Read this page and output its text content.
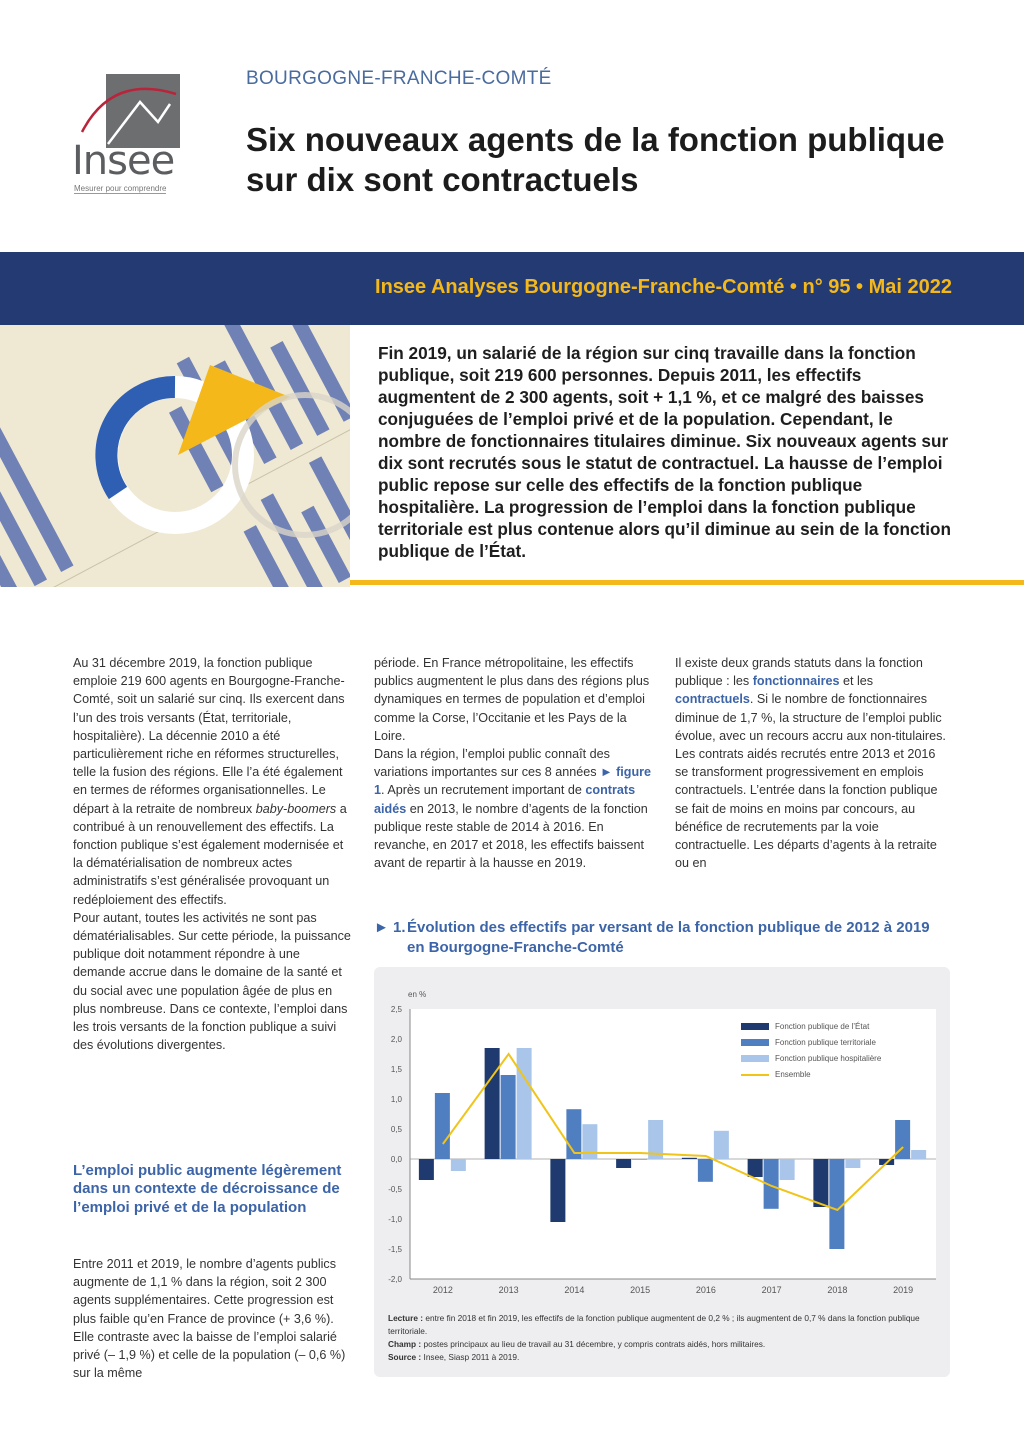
Insee
Mesurer pour comprendre
BOURGOGNE-FRANCHE-COMTÉ
Six nouveaux agents de la fonction publique sur dix sont contractuels
Insee Analyses Bourgogne-Franche-Comté • n° 95 • Mai 2022
Fin 2019, un salarié de la région sur cinq travaille dans la fonction publique, soit 219 600 personnes. Depuis 2011, les effectifs augmentent de 2 300 agents, soit + 1,1 %, et ce malgré des baisses conjuguées de l’emploi privé et de la population. Cependant, le nombre de fonctionnaires titulaires diminue. Six nouveaux agents sur dix sont recrutés sous le statut de contractuel. La hausse de l’emploi public repose sur celle des effectifs de la fonction publique hospitalière. La progression de l’emploi dans la fonction publique territoriale est plus contenue alors qu’il diminue au sein de la fonction publique de l’État.

Au 31 décembre 2019, la fonction publique emploie 219 600 agents en Bourgogne-Franche-Comté, soit un salarié sur cinq. Ils exercent dans l’un des trois versants (État, territoriale, hospitalière). La décennie 2010 a été particulièrement riche en réformes structurelles, telle la fusion des régions. Elle l’a été également en termes de réformes organisationnelles. Le départ à la retraite de nombreux baby-boomers a contribué à un renouvellement des effectifs. La fonction publique s’est également modernisée et la dématérialisation de nombreux actes administratifs s’est généralisée provoquant un redéploiement des effectifs.

Pour autant, toutes les activités ne sont pas dématérialisables. Sur cette période, la puissance publique doit notamment répondre à une demande accrue dans le domaine de la santé et du social avec une population âgée de plus en plus nombreuse. Dans ce contexte, l’emploi dans les trois versants de la fonction publique a suivi des évolutions divergentes.

L’emploi public augmente légèrement dans un contexte de décroissance de l’emploi privé et de la population

Entre 2011 et 2019, le nombre d’agents publics augmente de 1,1 % dans la région, soit 2 300 agents supplémentaires. Cette progression est plus faible qu’en France de province (+ 3,6 %). Elle contraste avec la baisse de l’emploi salarié privé (– 1,9 %) et celle de la population (– 0,6 %) sur la même

période. En France métropolitaine, les effectifs publics augmentent le plus dans des régions plus dynamiques en termes de population et d’emploi comme la Corse, l’Occitanie et les Pays de la Loire.

Dans la région, l’emploi public connaît des variations importantes sur ces 8 années ► figure 1. Après un recrutement important de contrats aidés en 2013, le nombre d’agents de la fonction publique reste stable de 2014 à 2016. En revanche, en 2017 et 2018, les effectifs baissent avant de repartir à la hausse en 2019.

Il existe deux grands statuts dans la fonction publique : les fonctionnaires et les contractuels. Si le nombre de fonctionnaires diminue de 1,7 %, la structure de l’emploi public évolue, avec un recours accru aux non-titulaires. Les contrats aidés recrutés entre 2013 et 2016 se transforment progressivement en emplois contractuels. L’entrée dans la fonction publique se fait de moins en moins par concours, au bénéfice de recrutements par la voie contractuelle. Les départs d’agents à la retraite ou en

► 1. Évolution des effectifs par versant de la fonction publique de 2012 à 2019 en Bourgogne-Franche-Comté
en %
2,5
2,0
1,5
1,0
0,5
0,0
-0,5
-1,0
-1,5
-2,0
2012	2013	2014	2015	2016	2017	2018	2019
Fonction publique de l’État
Fonction publique territoriale
Fonction publique hospitalière
Ensemble
Lecture : entre fin 2018 et fin 2019, les effectifs de la fonction publique augmentent de 0,2 % ; ils augmentent de 0,7 % dans la fonction publique territoriale.
Champ : postes principaux au lieu de travail au 31 décembre, y compris contrats aidés, hors militaires.
Source : Insee, Siasp 2011 à 2019.
